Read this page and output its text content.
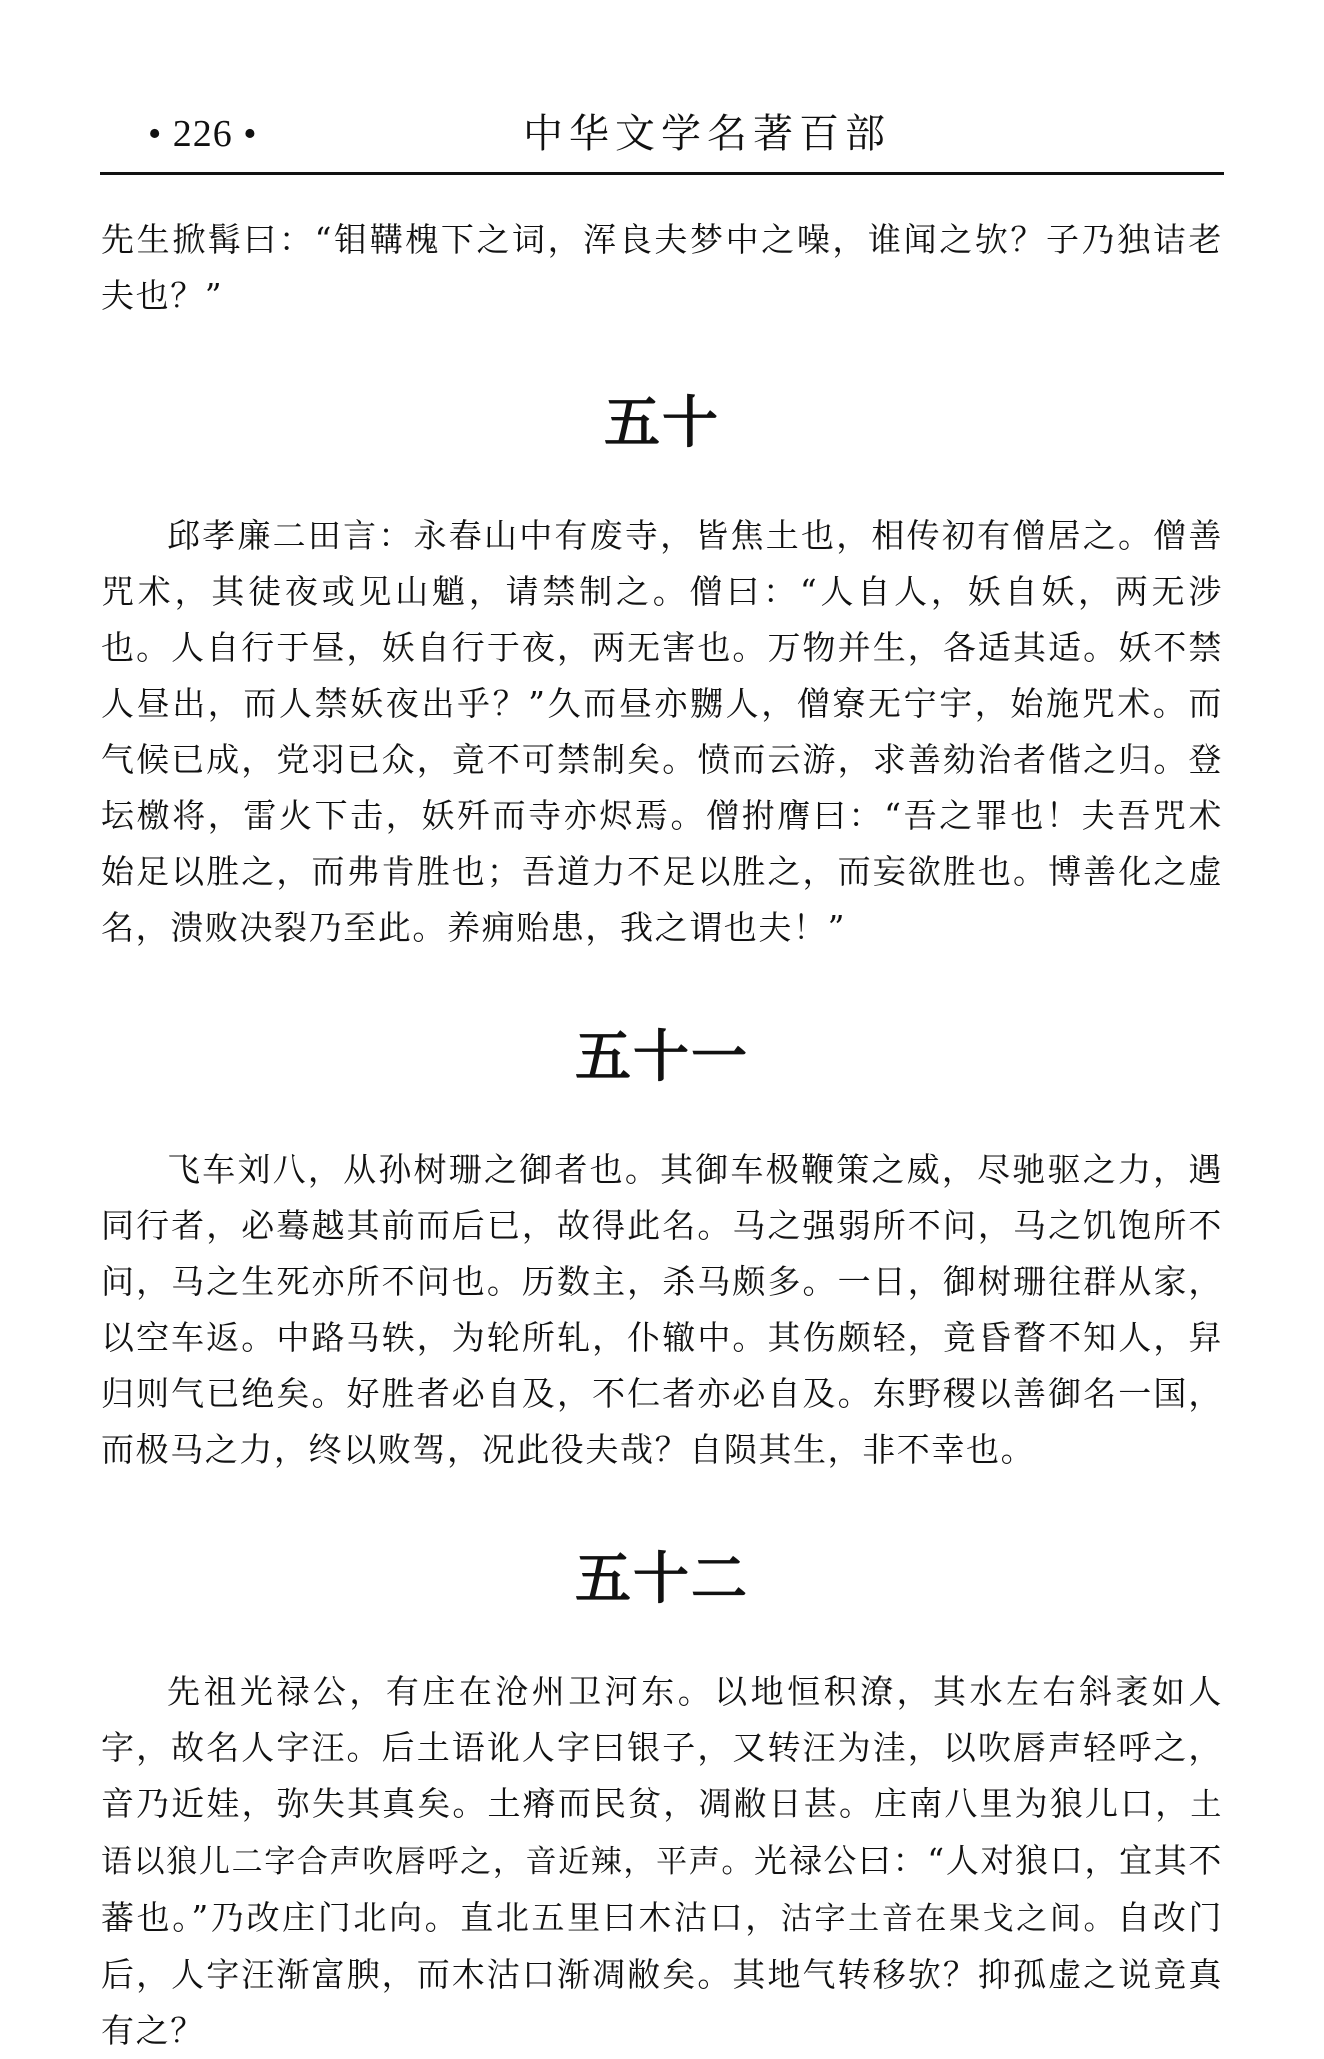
• 226 •	中华文学名著百部

先生掀髯曰：“钼鞲槐下之词，浑良夫梦中之噪，谁闻之欤？子乃独诘老夫也？”

五十

邱孝廉二田言：永春山中有废寺，皆焦土也，相传初有僧居之。僧善咒术，其徒夜或见山魈，请禁制之。僧曰：“人自人，妖自妖，两无涉也。人自行于昼，妖自行于夜，两无害也。万物并生，各适其适。妖不禁人昼出，而人禁妖夜出乎？”久而昼亦嬲人，僧寮无宁宇，始施咒术。而气候已成，党羽已众，竟不可禁制矣。愤而云游，求善劾治者偕之归。登坛檄将，雷火下击，妖歼而寺亦烬焉。僧拊膺曰：“吾之罪也！夫吾咒术始足以胜之，而弗肯胜也；吾道力不足以胜之，而妄欲胜也。博善化之虚名，溃败决裂乃至此。养痈贻患，我之谓也夫！”

五十一

飞车刘八，从孙树珊之御者也。其御车极鞭策之威，尽驰驱之力，遇同行者，必蓦越其前而后已，故得此名。马之强弱所不问，马之饥饱所不问，马之生死亦所不问也。历数主，杀马颇多。一日，御树珊往群从家，以空车返。中路马轶，为轮所轧，仆辙中。其伤颇轻，竟昏瞀不知人，舁归则气已绝矣。好胜者必自及，不仁者亦必自及。东野稷以善御名一国，而极马之力，终以败驾，况此役夫哉？自陨其生，非不幸也。

五十二

先祖光禄公，有庄在沧州卫河东。以地恒积潦，其水左右斜袤如人字，故名人字汪。后土语讹人字曰银子，又转汪为洼，以吹唇声轻呼之，音乃近娃，弥失其真矣。土瘠而民贫，凋敝日甚。庄南八里为狼儿口，土语以狼儿二字合声吹唇呼之，音近辣，平声。光禄公曰：“人对狼口，宜其不蕃也。”乃改庄门北向。直北五里曰木沽口，沽字土音在果戈之间。自改门后，人字汪渐富腴，而木沽口渐凋敝矣。其地气转移欤？抑孤虚之说竟真有之？
